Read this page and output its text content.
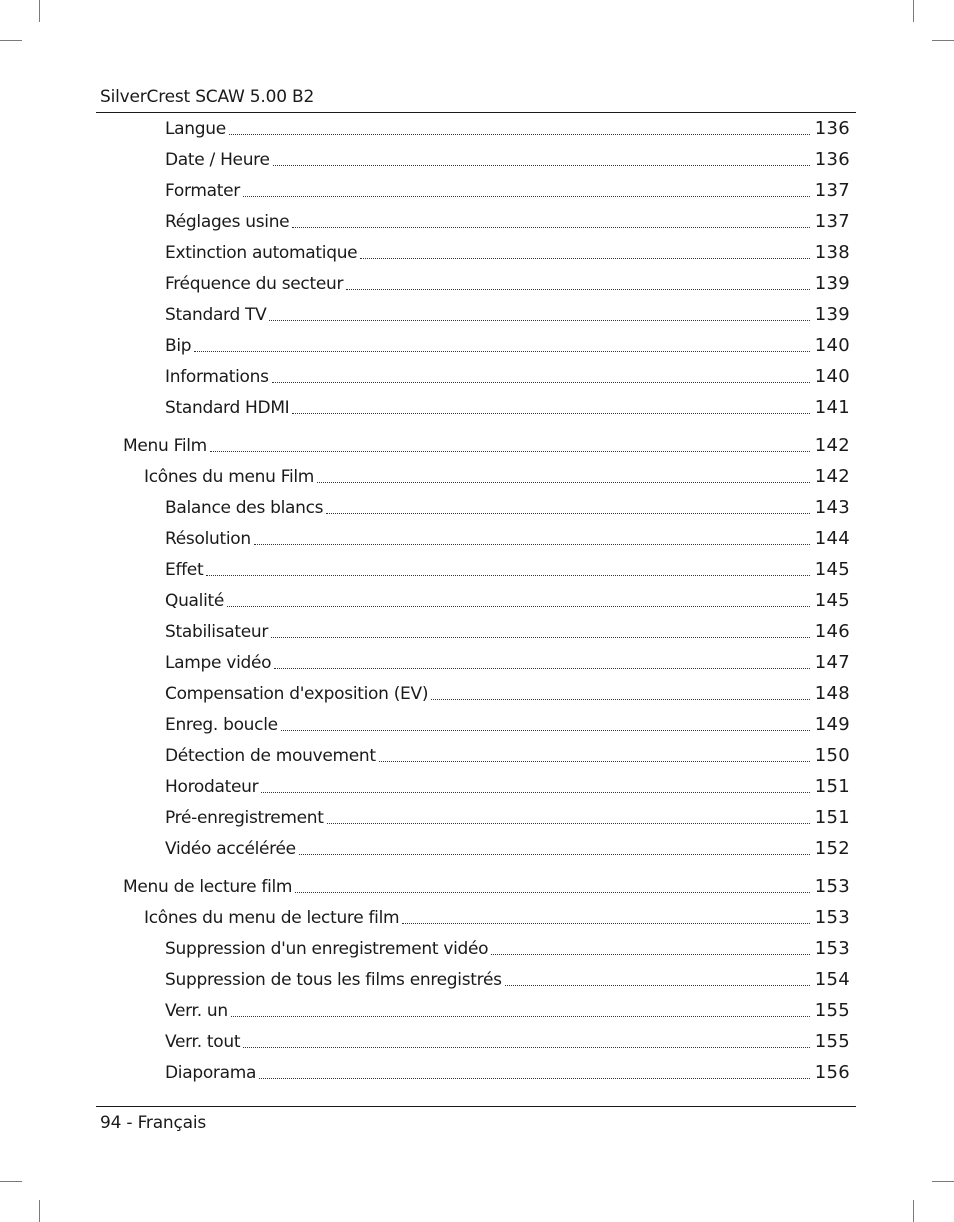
SilverCrest SCAW 5.00 B2
Langue	136
Date / Heure	136
Formater	137
Réglages usine	137
Extinction automatique	138
Fréquence du secteur	139
Standard TV	139
Bip	140
Informations	140
Standard HDMI	141
Menu Film	142
Icônes du menu Film	142
Balance des blancs	143
Résolution	144
Effet	145
Qualité	145
Stabilisateur	146
Lampe vidéo	147
Compensation d'exposition (EV)	148
Enreg. boucle	149
Détection de mouvement	150
Horodateur	151
Pré-enregistrement	151
Vidéo accélérée	152
Menu de lecture film	153
Icônes du menu de lecture film	153
Suppression d'un enregistrement vidéo	153
Suppression de tous les films enregistrés	154
Verr. un	155
Verr. tout	155
Diaporama	156
94 - Français
